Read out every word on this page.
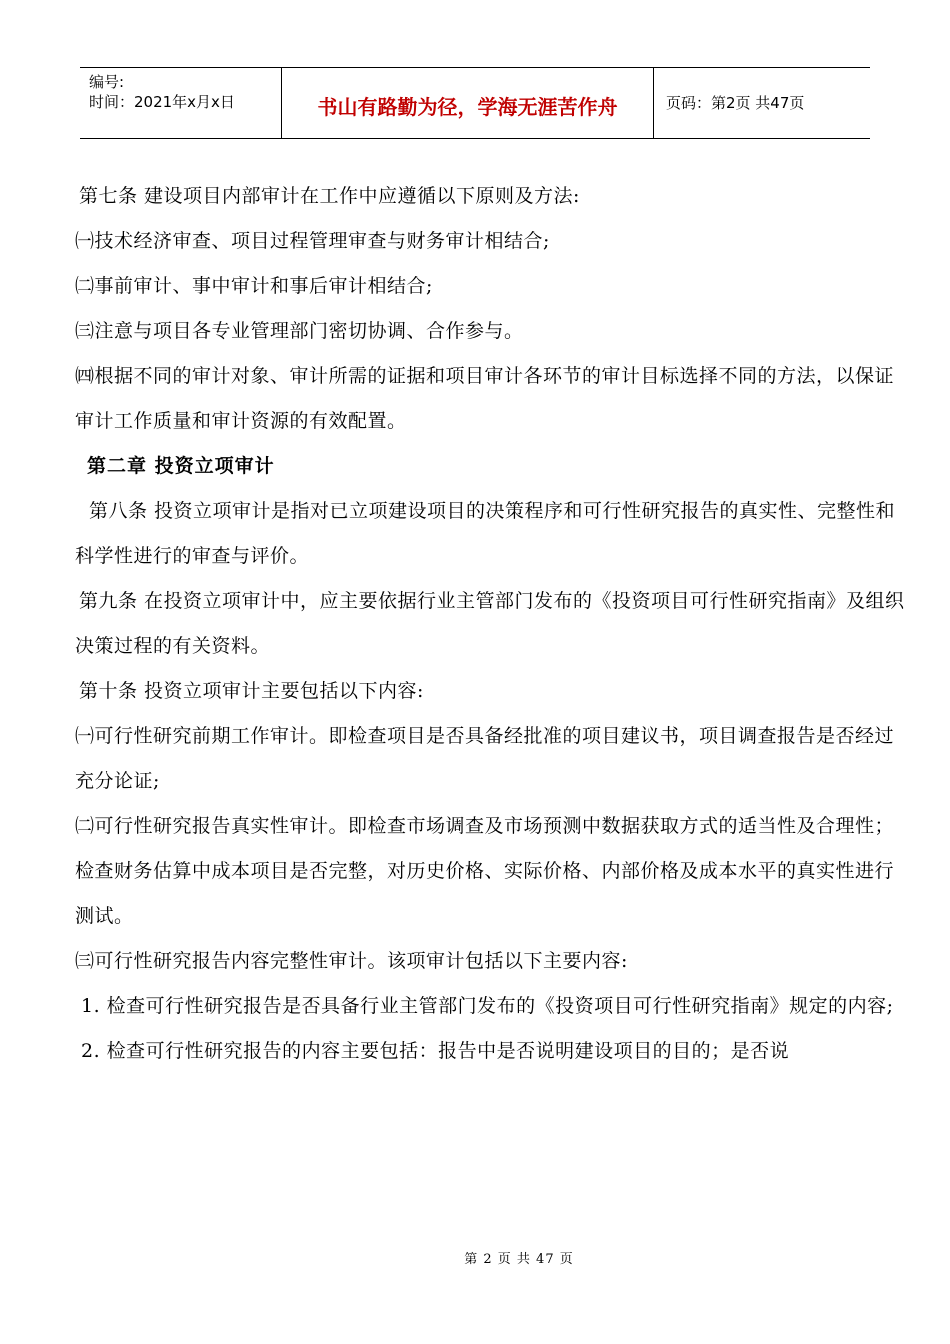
编号:
时间：2021年x月x日	书山有路勤为径，学海无涯苦作舟	页码：第2页 共47页

第七条 建设项目内部审计在工作中应遵循以下原则及方法:

㈠技术经济审查、项目过程管理审查与财务审计相结合;

㈡事前审计、事中审计和事后审计相结合;

㈢注意与项目各专业管理部门密切协调、合作参与。

㈣根据不同的审计对象、审计所需的证据和项目审计各环节的审计目标选择不同的方法，以保证审计工作质量和审计资源的有效配置。

第二章 投资立项审计

第八条 投资立项审计是指对已立项建设项目的决策程序和可行性研究报告的真实性、完整性和科学性进行的审查与评价。

第九条 在投资立项审计中，应主要依据行业主管部门发布的《投资项目可行性研究指南》及组织决策过程的有关资料。

第十条 投资立项审计主要包括以下内容:

㈠可行性研究前期工作审计。即检查项目是否具备经批准的项目建议书，项目调查报告是否经过充分论证;

㈡可行性研究报告真实性审计。即检查市场调查及市场预测中数据获取方式的适当性及合理性；检查财务估算中成本项目是否完整，对历史价格、实际价格、内部价格及成本水平的真实性进行测试。

㈢可行性研究报告内容完整性审计。该项审计包括以下主要内容:

1. 检查可行性研究报告是否具备行业主管部门发布的《投资项目可行性研究指南》规定的内容;

2. 检查可行性研究报告的内容主要包括：报告中是否说明建设项目的目的；是否说

第 2 页 共 47 页
